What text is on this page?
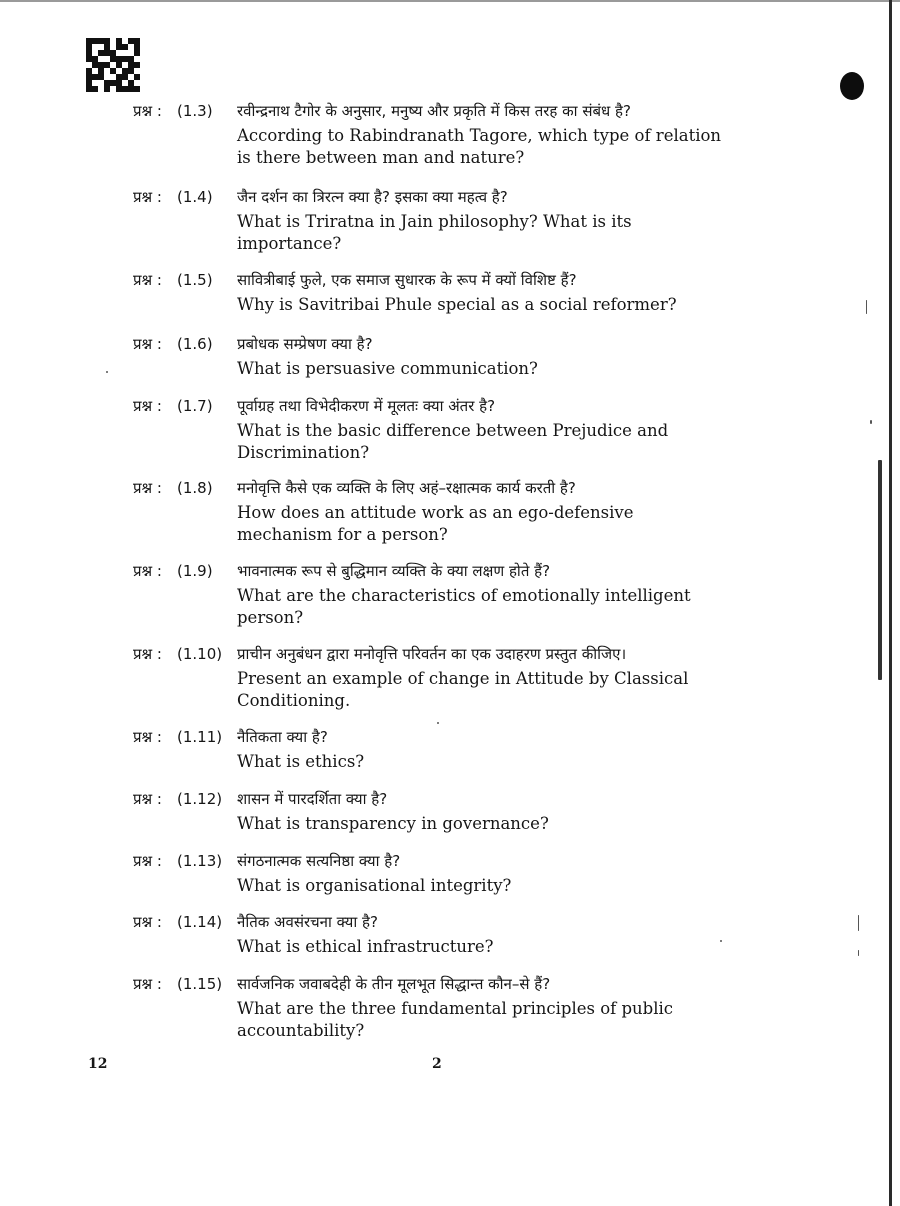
प्रश्न :	(1.3)	रवीन्द्रनाथ टैगोर के अनुसार, मनुष्य और प्रकृति में किस तरह का संबंध है?
According to Rabindranath Tagore, which type of relation is there between man and nature?
प्रश्न :	(1.4)	जैन दर्शन का त्रिरत्न क्या है? इसका क्या महत्व है?
What is Triratna in Jain philosophy? What is its importance?
प्रश्न :	(1.5)	सावित्रीबाई फुले, एक समाज सुधारक के रूप में क्यों विशिष्ट हैं?
Why is Savitribai Phule special as a social reformer?
प्रश्न :	(1.6)	प्रबोधक सम्प्रेषण क्या है?
What is persuasive communication?
प्रश्न :	(1.7)	पूर्वाग्रह तथा विभेदीकरण में मूलतः क्या अंतर है?
What is the basic difference between Prejudice and Discrimination?
प्रश्न :	(1.8)	मनोवृत्ति कैसे एक व्यक्ति के लिए अहं–रक्षात्मक कार्य करती है?
How does an attitude work as an ego-defensive mechanism for a person?
प्रश्न :	(1.9)	भावनात्मक रूप से बुद्धिमान व्यक्ति के क्या लक्षण होते हैं?
What are the characteristics of emotionally intelligent person?
प्रश्न :	(1.10) प्राचीन अनुबंधन द्वारा मनोवृत्ति परिवर्तन का एक उदाहरण प्रस्तुत कीजिए।
Present an example of change in Attitude by Classical Conditioning.
प्रश्न :	(1.11) नैतिकता क्या है?
What is ethics?
प्रश्न :	(1.12) शासन में पारदर्शिता क्या है?
What is transparency in governance?
प्रश्न :	(1.13) संगठनात्मक सत्यनिष्ठा क्या है?
What is organisational integrity?
प्रश्न :	(1.14) नैतिक अवसंरचना क्या है?
What is ethical infrastructure?
प्रश्न :	(1.15) सार्वजनिक जवाबदेही के तीन मूलभूत सिद्धान्त कौन–से हैं?
What are the three fundamental principles of public accountability?
12	2
